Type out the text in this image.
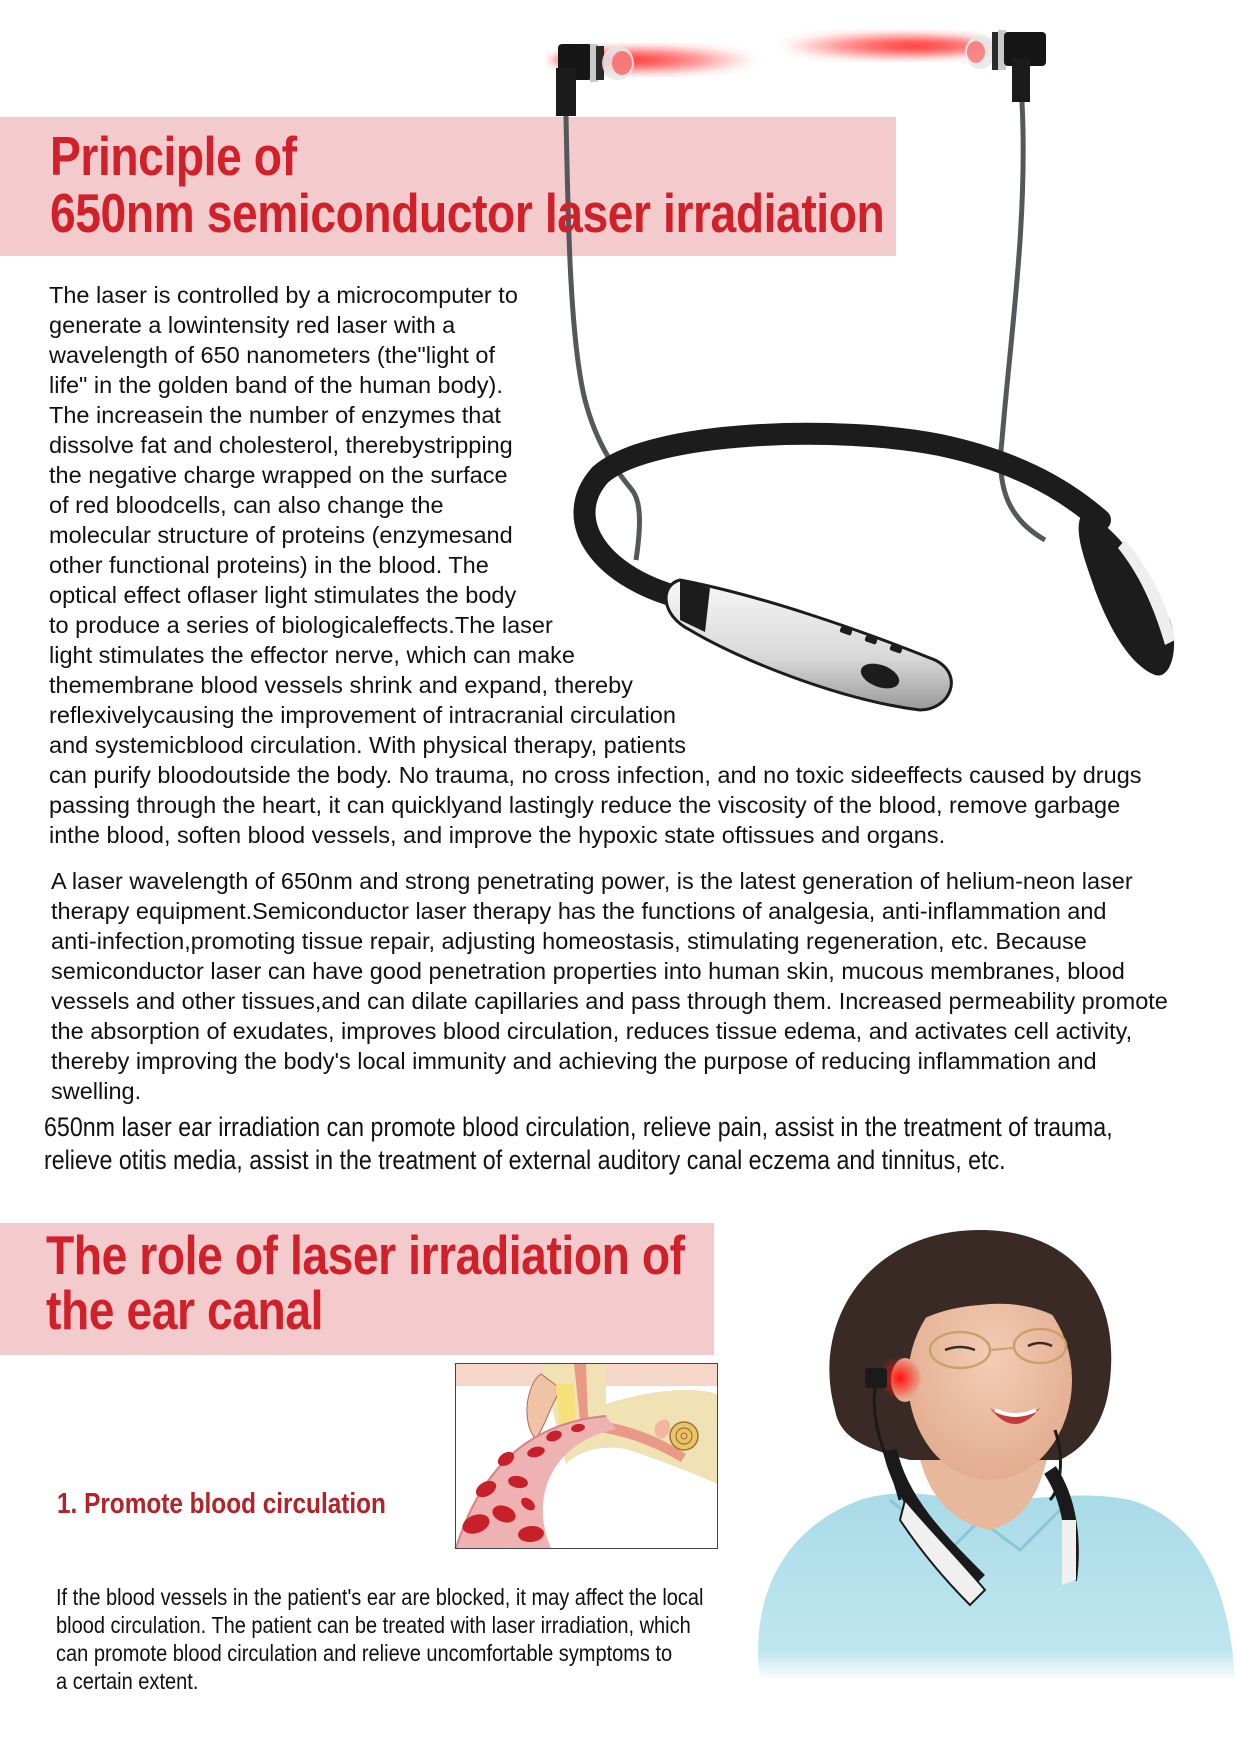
Principle of
650nm semiconductor laser irradiation
The laser is controlled by a microcomputer to
generate a lowintensity red laser with a
wavelength of 650 nanometers (the"light of
life" in the golden band of the human body).
The increasein the number of enzymes that
dissolve fat and cholesterol, therebystripping
the negative charge wrapped on the surface
of red bloodcells, can also change the
molecular structure of proteins (enzymesand
other functional proteins) in the blood. The
optical effect oflaser light stimulates the body
to produce a series of biologicaleffects.The laser
light stimulates the effector nerve, which can make
themembrane blood vessels shrink and expand, thereby
reflexivelycausing the improvement of intracranial circulation
and systemicblood circulation. With physical therapy, patients
can purify bloodoutside the body. No trauma, no cross infection, and no toxic sideeffects caused by drugs
passing through the heart, it can quicklyand lastingly reduce the viscosity of the blood, remove garbage
inthe blood, soften blood vessels, and improve the hypoxic state oftissues and organs.
A laser wavelength of 650nm and strong penetrating power, is the latest generation of helium-neon laser
therapy equipment.Semiconductor laser therapy has the functions of analgesia, anti-inflammation and
anti-infection,promoting tissue repair, adjusting homeostasis, stimulating regeneration, etc. Because
semiconductor laser can have good penetration properties into human skin, mucous membranes, blood
vessels and other tissues,and can dilate capillaries and pass through them. Increased permeability promote
the absorption of exudates, improves blood circulation, reduces tissue edema, and activates cell activity,
thereby improving the body's local immunity and achieving the purpose of reducing inflammation and
swelling.
650nm laser ear irradiation can promote blood circulation, relieve pain, assist in the treatment of trauma,
relieve otitis media, assist in the treatment of external auditory canal eczema and tinnitus, etc.
The role of laser irradiation of
the ear canal
1. Promote blood circulation
If the blood vessels in the patient's ear are blocked, it may affect the local
blood circulation. The patient can be treated with laser irradiation, which
can promote blood circulation and relieve uncomfortable symptoms to
a certain extent.
